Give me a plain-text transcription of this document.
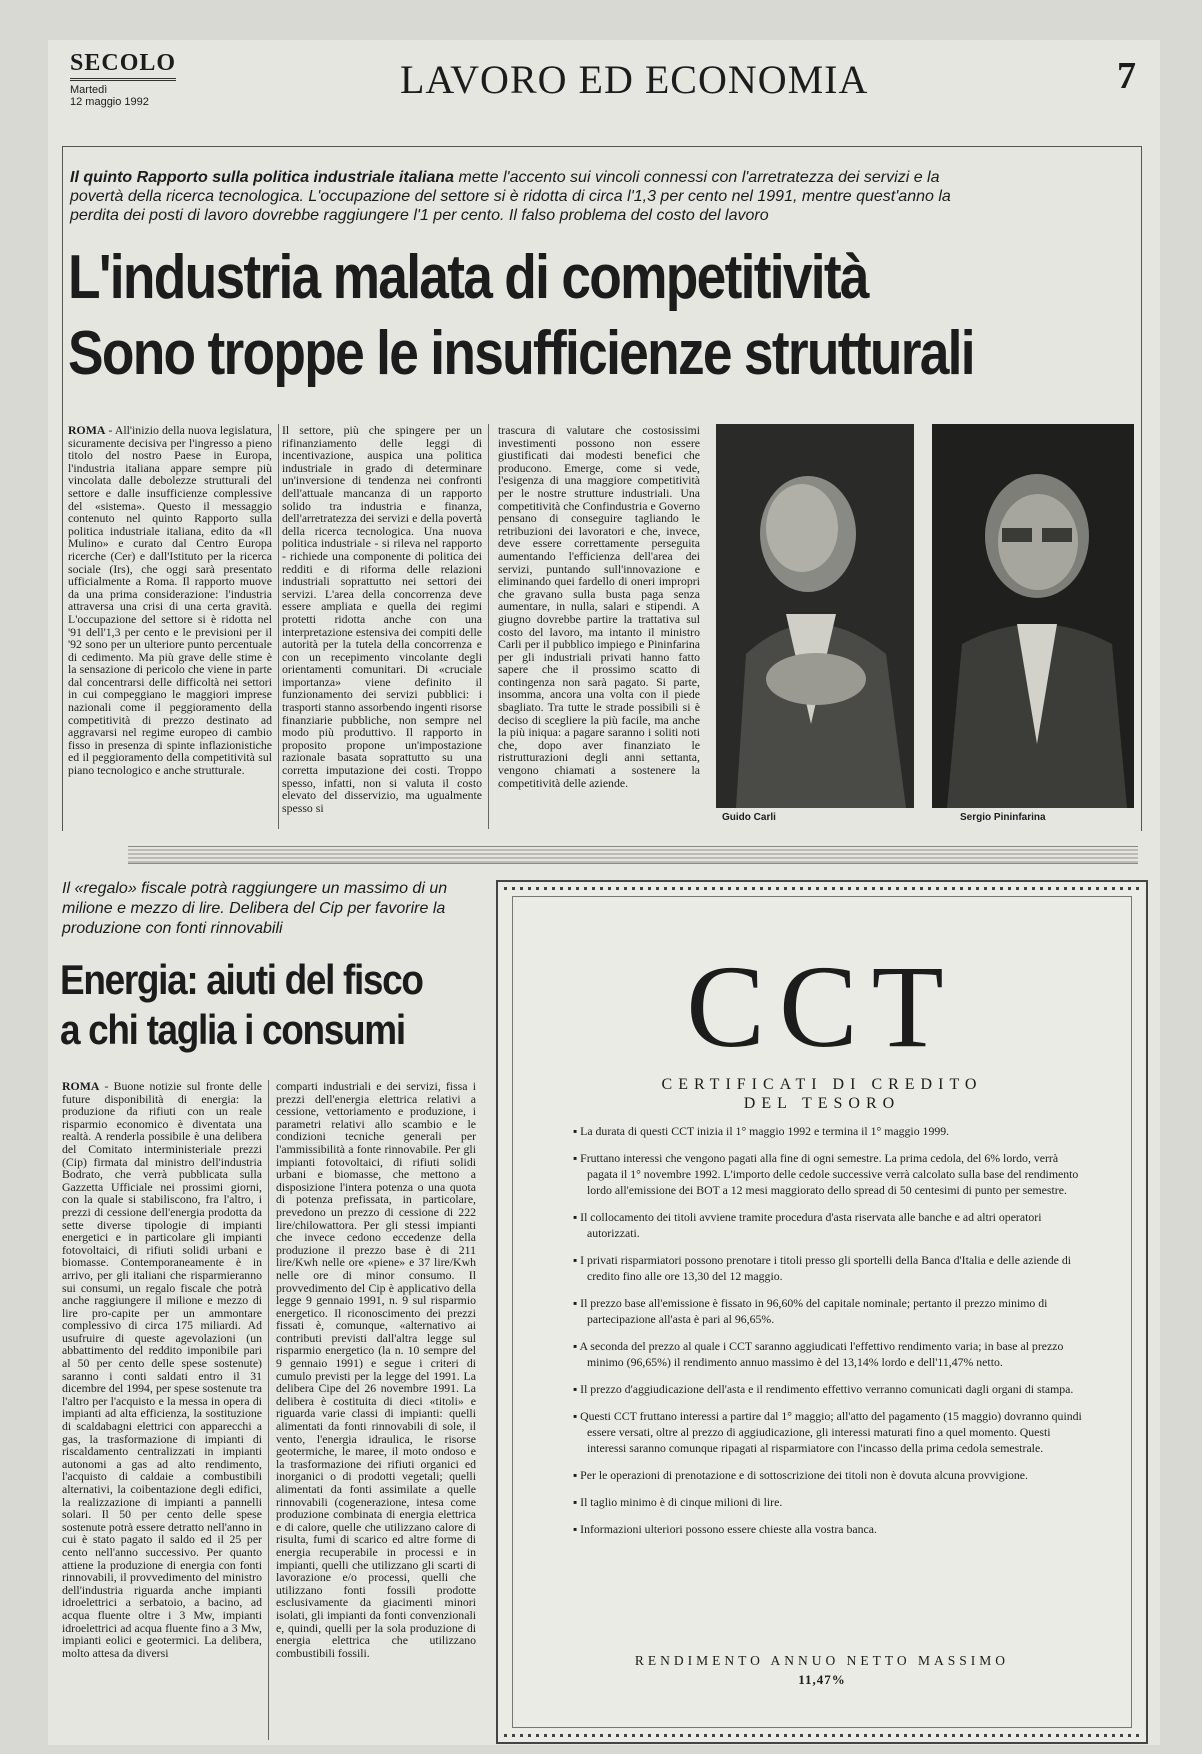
SECOLO
Martedì
12 maggio 1992	LAVORO ED ECONOMIA	7
Il quinto Rapporto sulla politica industriale italiana mette l'accento sui vincoli connessi con l'arretratezza dei servizi e la povertà della ricerca tecnologica. L'occupazione del settore si è ridotta di circa l'1,3 per cento nel 1991, mentre quest'anno la perdita dei posti di lavoro dovrebbe raggiungere l'1 per cento. Il falso problema del costo del lavoro
L'industria malata di competitività
Sono troppe le insufficienze strutturali
ROMA - All'inizio della nuova legislatura, sicuramente decisiva per l'ingresso a pieno titolo del nostro Paese in Europa, l'industria italiana appare sempre più vincolata dalle debolezze strutturali del settore e dalle insufficienze complessive del «sistema». Questo il messaggio contenuto nel quinto Rapporto sulla politica industriale italiana, edito da «Il Mulino» e curato dal Centro Europa ricerche (Cer) e dall'Istituto per la ricerca sociale (Irs), che oggi sarà presentato ufficialmente a Roma. Il rapporto muove da una prima considerazione: l'industria attraversa una crisi di una certa gravità. L'occupazione del settore si è ridotta nel '91 dell'1,3 per cento e le previsioni per il '92 sono per un ulteriore punto percentuale di cedimento. Ma più grave delle stime è la sensazione di pericolo che viene in parte dal concentrarsi delle difficoltà nei settori in cui compeggiano le maggiori imprese nazionali come il peggioramento della competitività di prezzo destinato ad aggravarsi nel regime europeo di cambio fisso in presenza di spinte inflazionistiche ed il peggioramento della competitività sul piano tecnologico e anche strutturale.
Il settore, più che spingere per un rifinanziamento delle leggi di incentivazione, auspica una politica industriale in grado di determinare un'inversione di tendenza nei confronti dell'attuale mancanza di un rapporto solido tra industria e finanza, dell'arretratezza dei servizi e della povertà della ricerca tecnologica. Una nuova politica industriale - si rileva nel rapporto - richiede una componente di politica dei redditi e di riforma delle relazioni industriali soprattutto nei settori dei servizi. L'area della concorrenza deve essere ampliata e quella dei regimi protetti ridotta anche con una interpretazione estensiva dei compiti delle autorità per la tutela della concorrenza e con un recepimento vincolante degli orientamenti comunitari. Di «cruciale importanza» viene definito il funzionamento dei servizi pubblici: i trasporti stanno assorbendo ingenti risorse finanziarie pubbliche, non sempre nel modo più produttivo. Il rapporto in proposito propone un'impostazione razionale basata soprattutto su una corretta imputazione dei costi. Troppo spesso, infatti, non si valuta il costo elevato del disservizio, ma ugualmente spesso si
trascura di valutare che costosissimi investimenti possono non essere giustificati dai modesti benefici che producono. Emerge, come si vede, l'esigenza di una maggiore competitività per le nostre strutture industriali. Una competitività che Confindustria e Governo pensano di conseguire tagliando le retribuzioni dei lavoratori e che, invece, deve essere correttamente perseguita aumentando l'efficienza dell'area dei servizi, puntando sull'innovazione e eliminando quei fardello di oneri impropri che gravano sulla busta paga senza aumentare, in nulla, salari e stipendi. A giugno dovrebbe partire la trattativa sul costo del lavoro, ma intanto il ministro Carli per il pubblico impiego e Pininfarina per gli industriali privati hanno fatto sapere che il prossimo scatto di contingenza non sarà pagato. Si parte, insomma, ancora una volta con il piede sbagliato. Tra tutte le strade possibili si è deciso di scegliere la più facile, ma anche la più iniqua: a pagare saranno i soliti noti che, dopo aver finanziato le ristrutturazioni degli anni settanta, vengono chiamati a sostenere la competitività delle aziende.
Guido Carli	Sergio Pininfarina
Il «regalo» fiscale potrà raggiungere un massimo di un milione e mezzo di lire. Delibera del Cip per favorire la produzione con fonti rinnovabili
Energia: aiuti del fisco a chi taglia i consumi
ROMA - Buone notizie sul fronte delle future disponibilità di energia: la produzione da rifiuti con un reale risparmio economico è diventata una realtà. A renderla possibile è una delibera del Comitato interministeriale prezzi (Cip) firmata dal ministro dell'industria Bodrato, che verrà pubblicata sulla Gazzetta Ufficiale nei prossimi giorni, con la quale si stabiliscono, fra l'altro, i prezzi di cessione dell'energia prodotta da sette diverse tipologie di impianti energetici e in particolare gli impianti fotovoltaici, di rifiuti solidi urbani e biomasse. Contemporaneamente è in arrivo, per gli italiani che risparmieranno sui consumi, un regalo fiscale che potrà anche raggiungere il milione e mezzo di lire pro-capite per un ammontare complessivo di circa 175 miliardi. Ad usufruire di queste agevolazioni (un abbattimento del reddito imponibile pari al 50 per cento delle spese sostenute) saranno i conti saldati entro il 31 dicembre del 1994, per spese sostenute tra l'altro per l'acquisto e la messa in opera di impianti ad alta efficienza, la sostituzione di scaldabagni elettrici con apparecchi a gas, la trasformazione di impianti di riscaldamento centralizzati in impianti autonomi a gas ad alto rendimento, l'acquisto di caldaie a combustibili alternativi, la coibentazione degli edifici, la realizzazione di impianti a pannelli solari. Il 50 per cento delle spese sostenute potrà essere detratto nell'anno in cui è stato pagato il saldo ed il 25 per cento nell'anno successivo. Per quanto attiene la produzione di energia con fonti rinnovabili, il provvedimento del ministro dell'industria riguarda anche impianti idroelettrici a serbatoio, a bacino, ad acqua fluente oltre i 3 Mw, impianti idroelettrici ad acqua fluente fino a 3 Mw, impianti eolici e geotermici. La delibera, molto attesa da diversi
comparti industriali e dei servizi, fissa i prezzi dell'energia elettrica relativi a cessione, vettoriamento e produzione, i parametri relativi allo scambio e le condizioni tecniche generali per l'ammissibilità a fonte rinnovabile. Per gli impianti fotovoltaici, di rifiuti solidi urbani e biomasse, che mettono a disposizione l'intera potenza o una quota di potenza prefissata, in particolare, prevedono un prezzo di cessione di 222 lire/chilowattora. Per gli stessi impianti che invece cedono eccedenze della produzione il prezzo base è di 211 lire/Kwh nelle ore «piene» e 37 lire/Kwh nelle ore di minor consumo. Il provvedimento del Cip è applicativo della legge 9 gennaio 1991, n. 9 sul risparmio energetico. Il riconoscimento dei prezzi fissati è, comunque, «alternativo ai contributi previsti dall'altra legge sul risparmio energetico (la n. 10 sempre del 9 gennaio 1991) e segue i criteri di cumulo previsti per la legge del 1991. La delibera Cipe del 26 novembre 1991. La delibera è costituita di dieci «titoli» e riguarda varie classi di impianti: quelli alimentati da fonti rinnovabili di sole, il vento, l'energia idraulica, le risorse geotermiche, le maree, il moto ondoso e la trasformazione dei rifiuti organici ed inorganici o di prodotti vegetali; quelli alimentati da fonti assimilate a quelle rinnovabili (cogenerazione, intesa come produzione combinata di energia elettrica e di calore, quelle che utilizzano calore di risulta, fumi di scarico ed altre forme di energia recuperabile in processi e in impianti, quelli che utilizzano gli scarti di lavorazione e/o processi, quelli che utilizzano fonti fossili prodotte esclusivamente da giacimenti minori isolati, gli impianti da fonti convenzionali e, quindi, quelli per la sola produzione di energia elettrica che utilizzano combustibili fossili.
CCT
CERTIFICATI DI CREDITO
DEL TESORO

▪ La durata di questi CCT inizia il 1° maggio 1992 e termina il 1° maggio 1999.

▪ Fruttano interessi che vengono pagati alla fine di ogni semestre. La prima cedola, del 6% lordo, verrà pagata il 1° novembre 1992. L'importo delle cedole successive verrà calcolato sulla base del rendimento lordo all'emissione dei BOT a 12 mesi maggiorato dello spread di 50 centesimi di punto per semestre.

▪ Il collocamento dei titoli avviene tramite procedura d'asta riservata alle banche e ad altri operatori autorizzati.

▪ I privati risparmiatori possono prenotare i titoli presso gli sportelli della Banca d'Italia e delle aziende di credito fino alle ore 13,30 del 12 maggio.

▪ Il prezzo base all'emissione è fissato in 96,60% del capitale nominale; pertanto il prezzo minimo di partecipazione all'asta è pari al 96,65%.

▪ A seconda del prezzo al quale i CCT saranno aggiudicati l'effettivo rendimento varia; in base al prezzo minimo (96,65%) il rendimento annuo massimo è del 13,14% lordo e dell'11,47% netto.

▪ Il prezzo d'aggiudicazione dell'asta e il rendimento effettivo verranno comunicati dagli organi di stampa.

▪ Questi CCT fruttano interessi a partire dal 1° maggio; all'atto del pagamento (15 maggio) dovranno quindi essere versati, oltre al prezzo di aggiudicazione, gli interessi maturati fino a quel momento. Questi interessi saranno comunque ripagati al risparmiatore con l'incasso della prima cedola semestrale.

▪ Per le operazioni di prenotazione e di sottoscrizione dei titoli non è dovuta alcuna provvigione.

▪ Il taglio minimo è di cinque milioni di lire.

▪ Informazioni ulteriori possono essere chieste alla vostra banca.

RENDIMENTO ANNUO NETTO MASSIMO
11,47%
